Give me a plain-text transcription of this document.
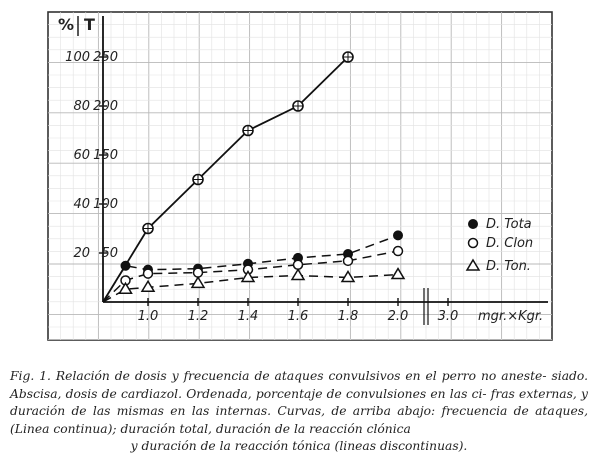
% T
20 50
40 100
60 150
80 200
100 250
1.0 1.2 1.4 1.6 1.8 2.0 3.0 mgr.×Kgr.
D. Tota
D. Clon
D. Ton.
Fig. 1. Relación de dosis y frecuencia de ataques convulsivos en el perro no aneste- siado. Abscisa, dosis de cardiazol. Ordenada, porcentaje de convulsiones en las ci- fras externas, y duración de las mismas en las internas. Curvas, de arriba abajo: frecuencia de ataques, (Linea continua); duración total, duración de la reacción clónica
y duración de la reacción tónica (lineas discontinuas).
